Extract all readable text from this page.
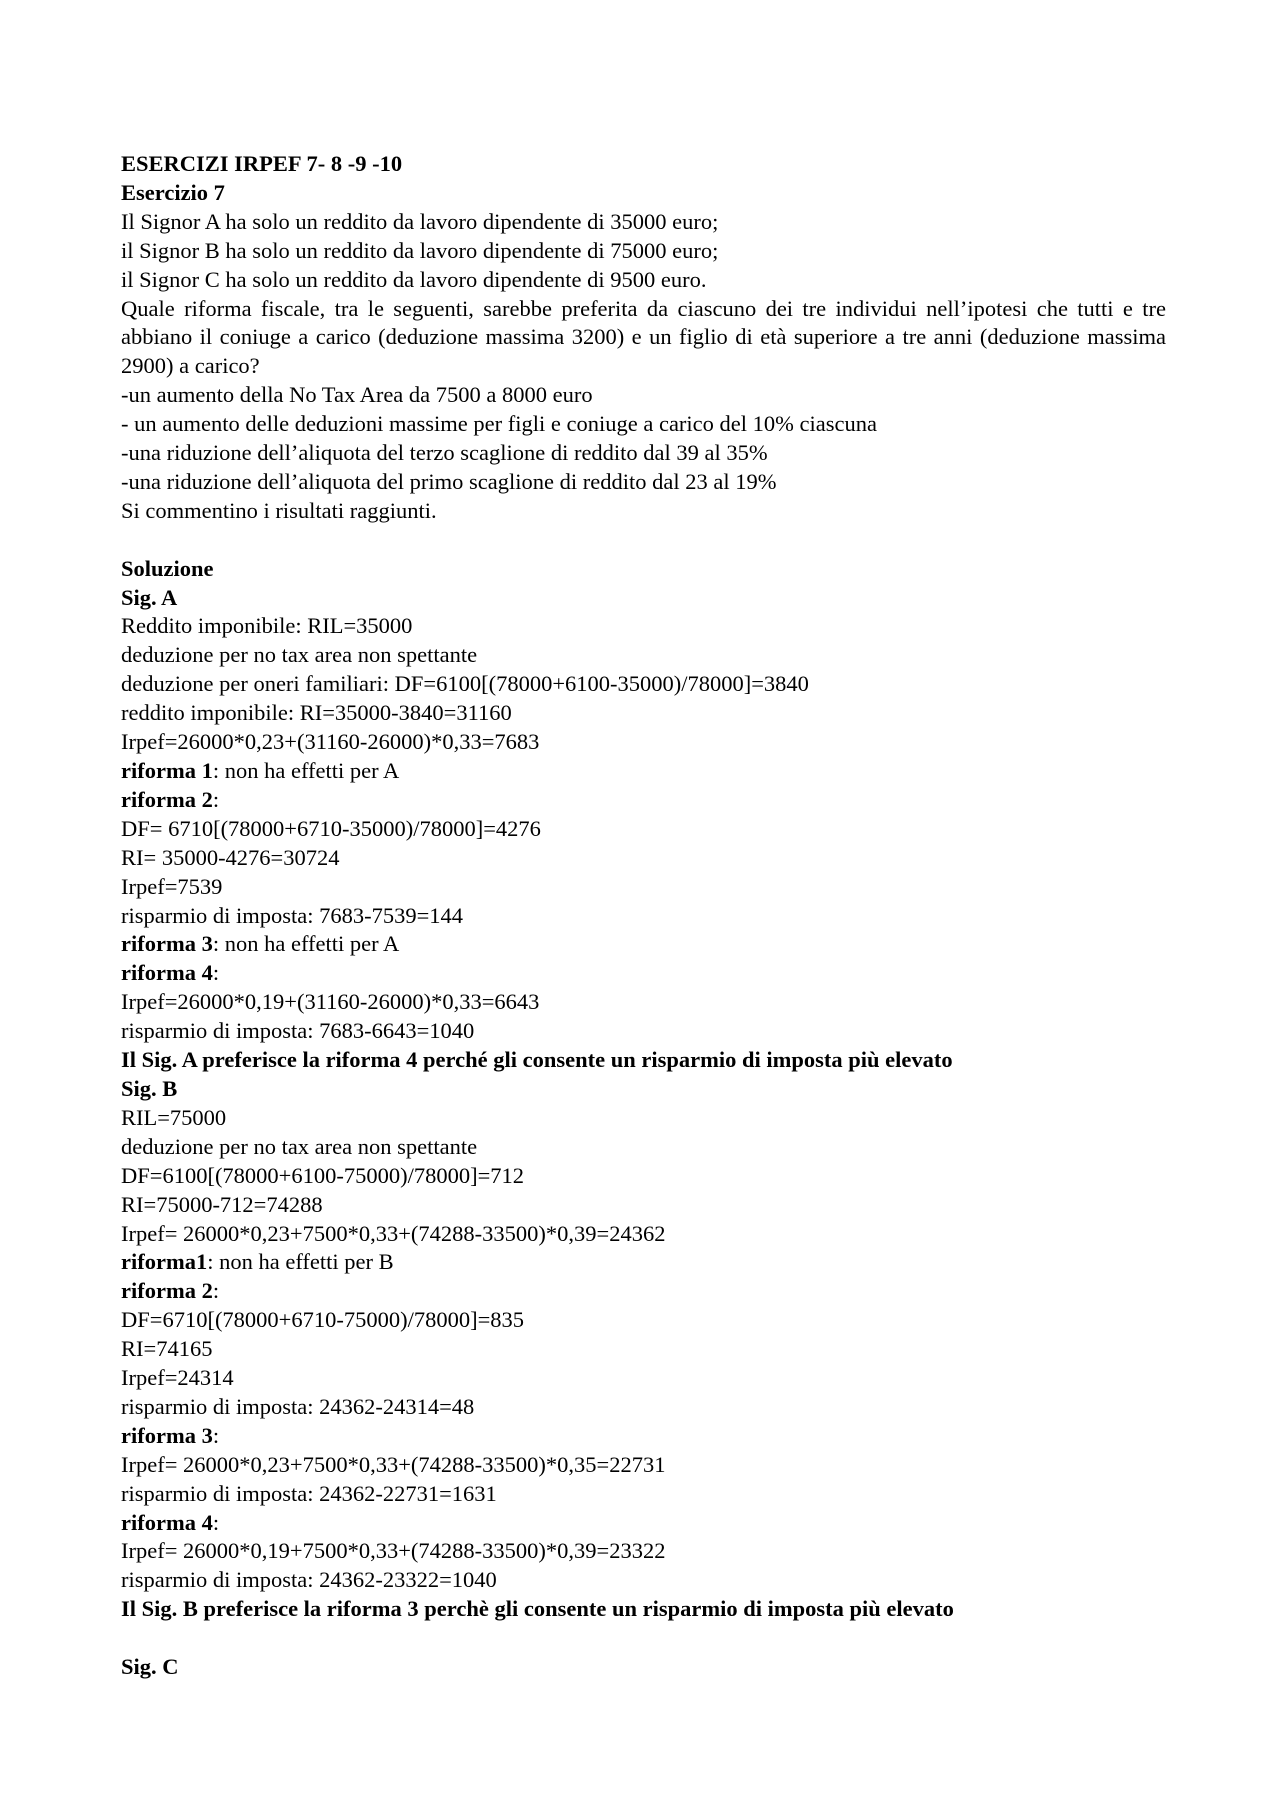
ESERCIZI IRPEF 7- 8 -9 -10
Esercizio 7
Il Signor A ha solo un reddito da lavoro dipendente di 35000 euro;
il Signor B ha solo un reddito da lavoro dipendente di 75000 euro;
il Signor C ha solo un reddito da lavoro dipendente di 9500 euro.
Quale riforma fiscale, tra le seguenti, sarebbe preferita da ciascuno dei tre individui nell’ipotesi che tutti e tre abbiano il coniuge a carico (deduzione massima 3200) e un figlio di età superiore a tre anni (deduzione massima 2900) a carico?
-un aumento della No Tax Area da 7500 a 8000 euro
- un aumento delle deduzioni massime per figli e coniuge a carico del 10% ciascuna
-una riduzione dell’aliquota del terzo scaglione di reddito dal 39 al 35%
-una riduzione dell’aliquota del primo scaglione di reddito dal 23 al 19%
Si commentino i risultati raggiunti.
Soluzione
Sig. A
Reddito imponibile: RIL=35000
deduzione per no tax area non spettante
deduzione per oneri familiari: DF=6100[(78000+6100-35000)/78000]=3840
reddito imponibile: RI=35000-3840=31160
Irpef=26000*0,23+(31160-26000)*0,33=7683
riforma 1: non ha effetti per A
riforma 2:
DF= 6710[(78000+6710-35000)/78000]=4276
RI= 35000-4276=30724
Irpef=7539
risparmio di imposta: 7683-7539=144
riforma 3: non ha effetti per A
riforma 4:
Irpef=26000*0,19+(31160-26000)*0,33=6643
risparmio di imposta: 7683-6643=1040
Il Sig. A preferisce la riforma 4 perché gli consente un risparmio di imposta più elevato
Sig. B
RIL=75000
deduzione per no tax area non spettante
DF=6100[(78000+6100-75000)/78000]=712
RI=75000-712=74288
Irpef= 26000*0,23+7500*0,33+(74288-33500)*0,39=24362
riforma1: non ha effetti per B
riforma 2:
DF=6710[(78000+6710-75000)/78000]=835
RI=74165
Irpef=24314
risparmio di imposta: 24362-24314=48
riforma 3:
Irpef= 26000*0,23+7500*0,33+(74288-33500)*0,35=22731
risparmio di imposta: 24362-22731=1631
riforma 4:
Irpef= 26000*0,19+7500*0,33+(74288-33500)*0,39=23322
risparmio di imposta: 24362-23322=1040
Il Sig. B preferisce la riforma 3 perchè gli consente un risparmio di imposta più elevato
Sig. C
